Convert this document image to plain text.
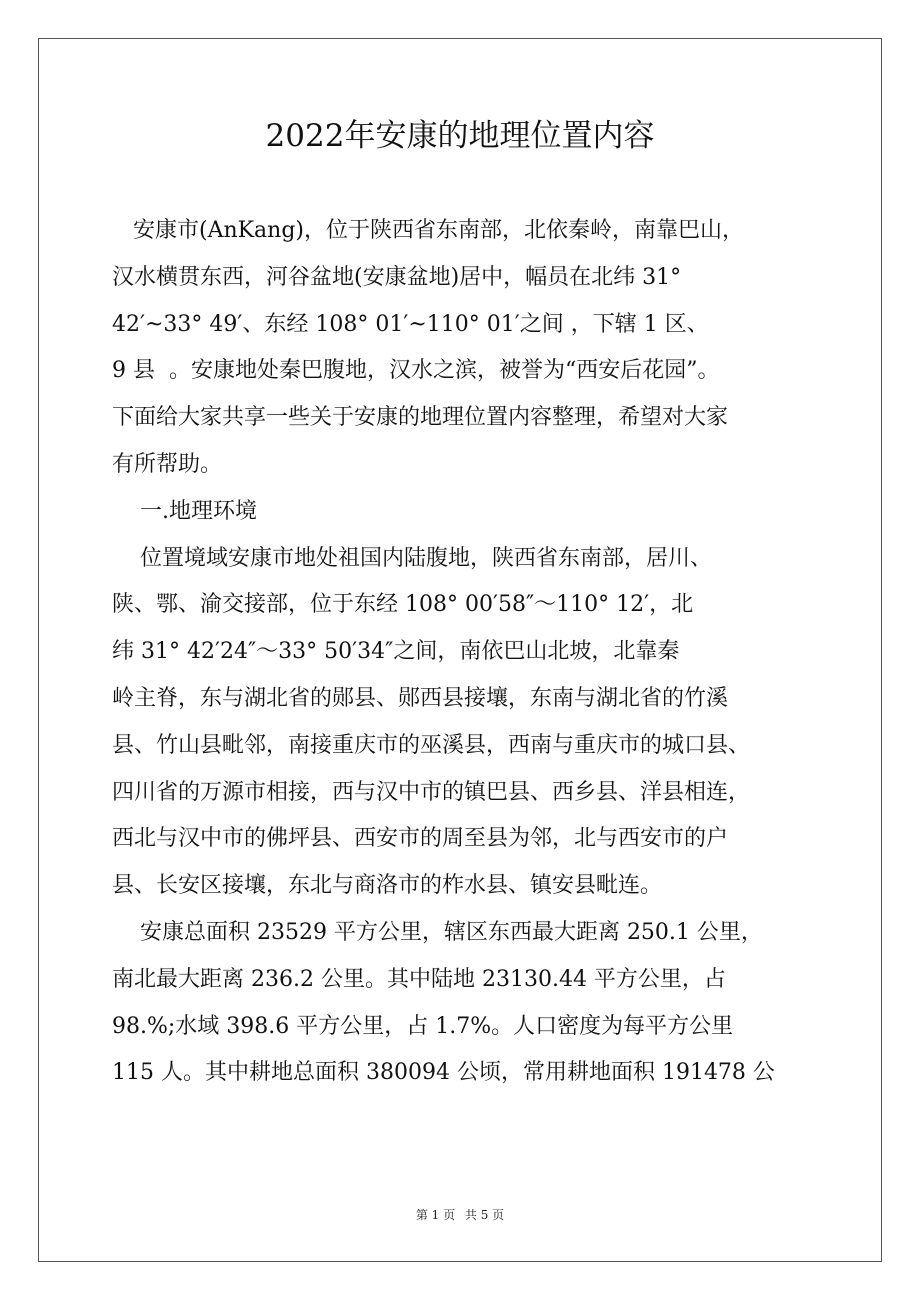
2022年安康的地理位置内容
安康市(AnKang)，位于陕西省东南部，北依秦岭，南靠巴山，
汉水横贯东西，河谷盆地(安康盆地)居中，幅员在北纬 31°
42′~33° 49′、东经 108° 01′~110° 01′之间 ，下辖 1 区、
9 县  。安康地处秦巴腹地，汉水之滨，被誉为“西安后花园”。
下面给大家共享一些关于安康的地理位置内容整理，希望对大家
有所帮助。
一.地理环境
位置境域安康市地处祖国内陆腹地，陕西省东南部，居川、
陕、鄂、渝交接部，位于东经 108° 00′58″～110° 12′，北
纬 31° 42′24″～33° 50′34″之间，南依巴山北坡，北靠秦
岭主脊，东与湖北省的郧县、郧西县接壤，东南与湖北省的竹溪
县、竹山县毗邻，南接重庆市的巫溪县，西南与重庆市的城口县、
四川省的万源市相接，西与汉中市的镇巴县、西乡县、洋县相连，
西北与汉中市的佛坪县、西安市的周至县为邻，北与西安市的户
县、长安区接壤，东北与商洛市的柞水县、镇安县毗连。
安康总面积 23529 平方公里，辖区东西最大距离 250.1 公里，
南北最大距离 236.2 公里。其中陆地 23130.44 平方公里，占
98.%;水域 398.6 平方公里，占 1.7%。人口密度为每平方公里
115 人。其中耕地总面积 380094 公顷，常用耕地面积 191478 公
第 1 页 共 5 页
